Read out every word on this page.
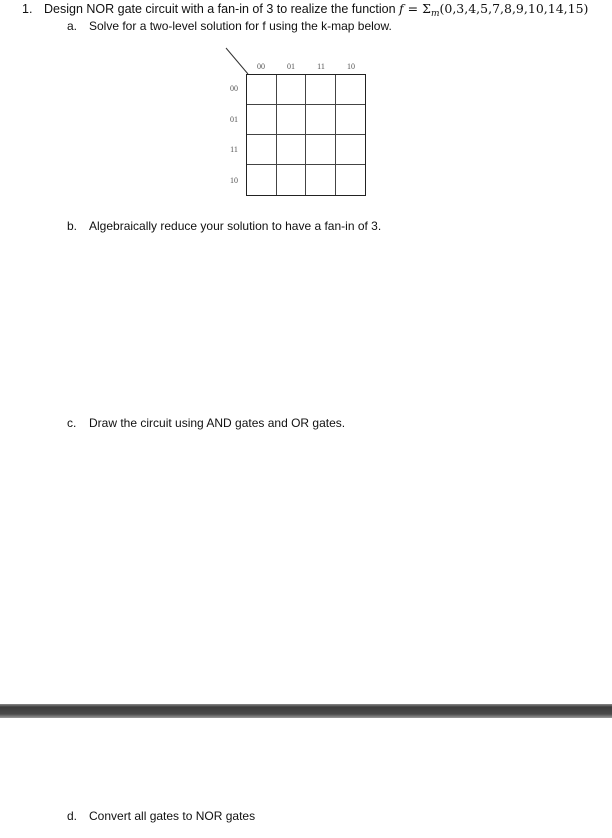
1. Design NOR gate circuit with a fan-in of 3 to realize the function $f = \Sigma_m(0,3,4,5,7,8,9,10,14,15)$
a. Solve for a two-level solution for f using the k-map below.
00	01	11	10
00
01
11
10
b. Algebraically reduce your solution to have a fan-in of 3.
c. Draw the circuit using AND gates and OR gates.
d. Convert all gates to NOR gates
